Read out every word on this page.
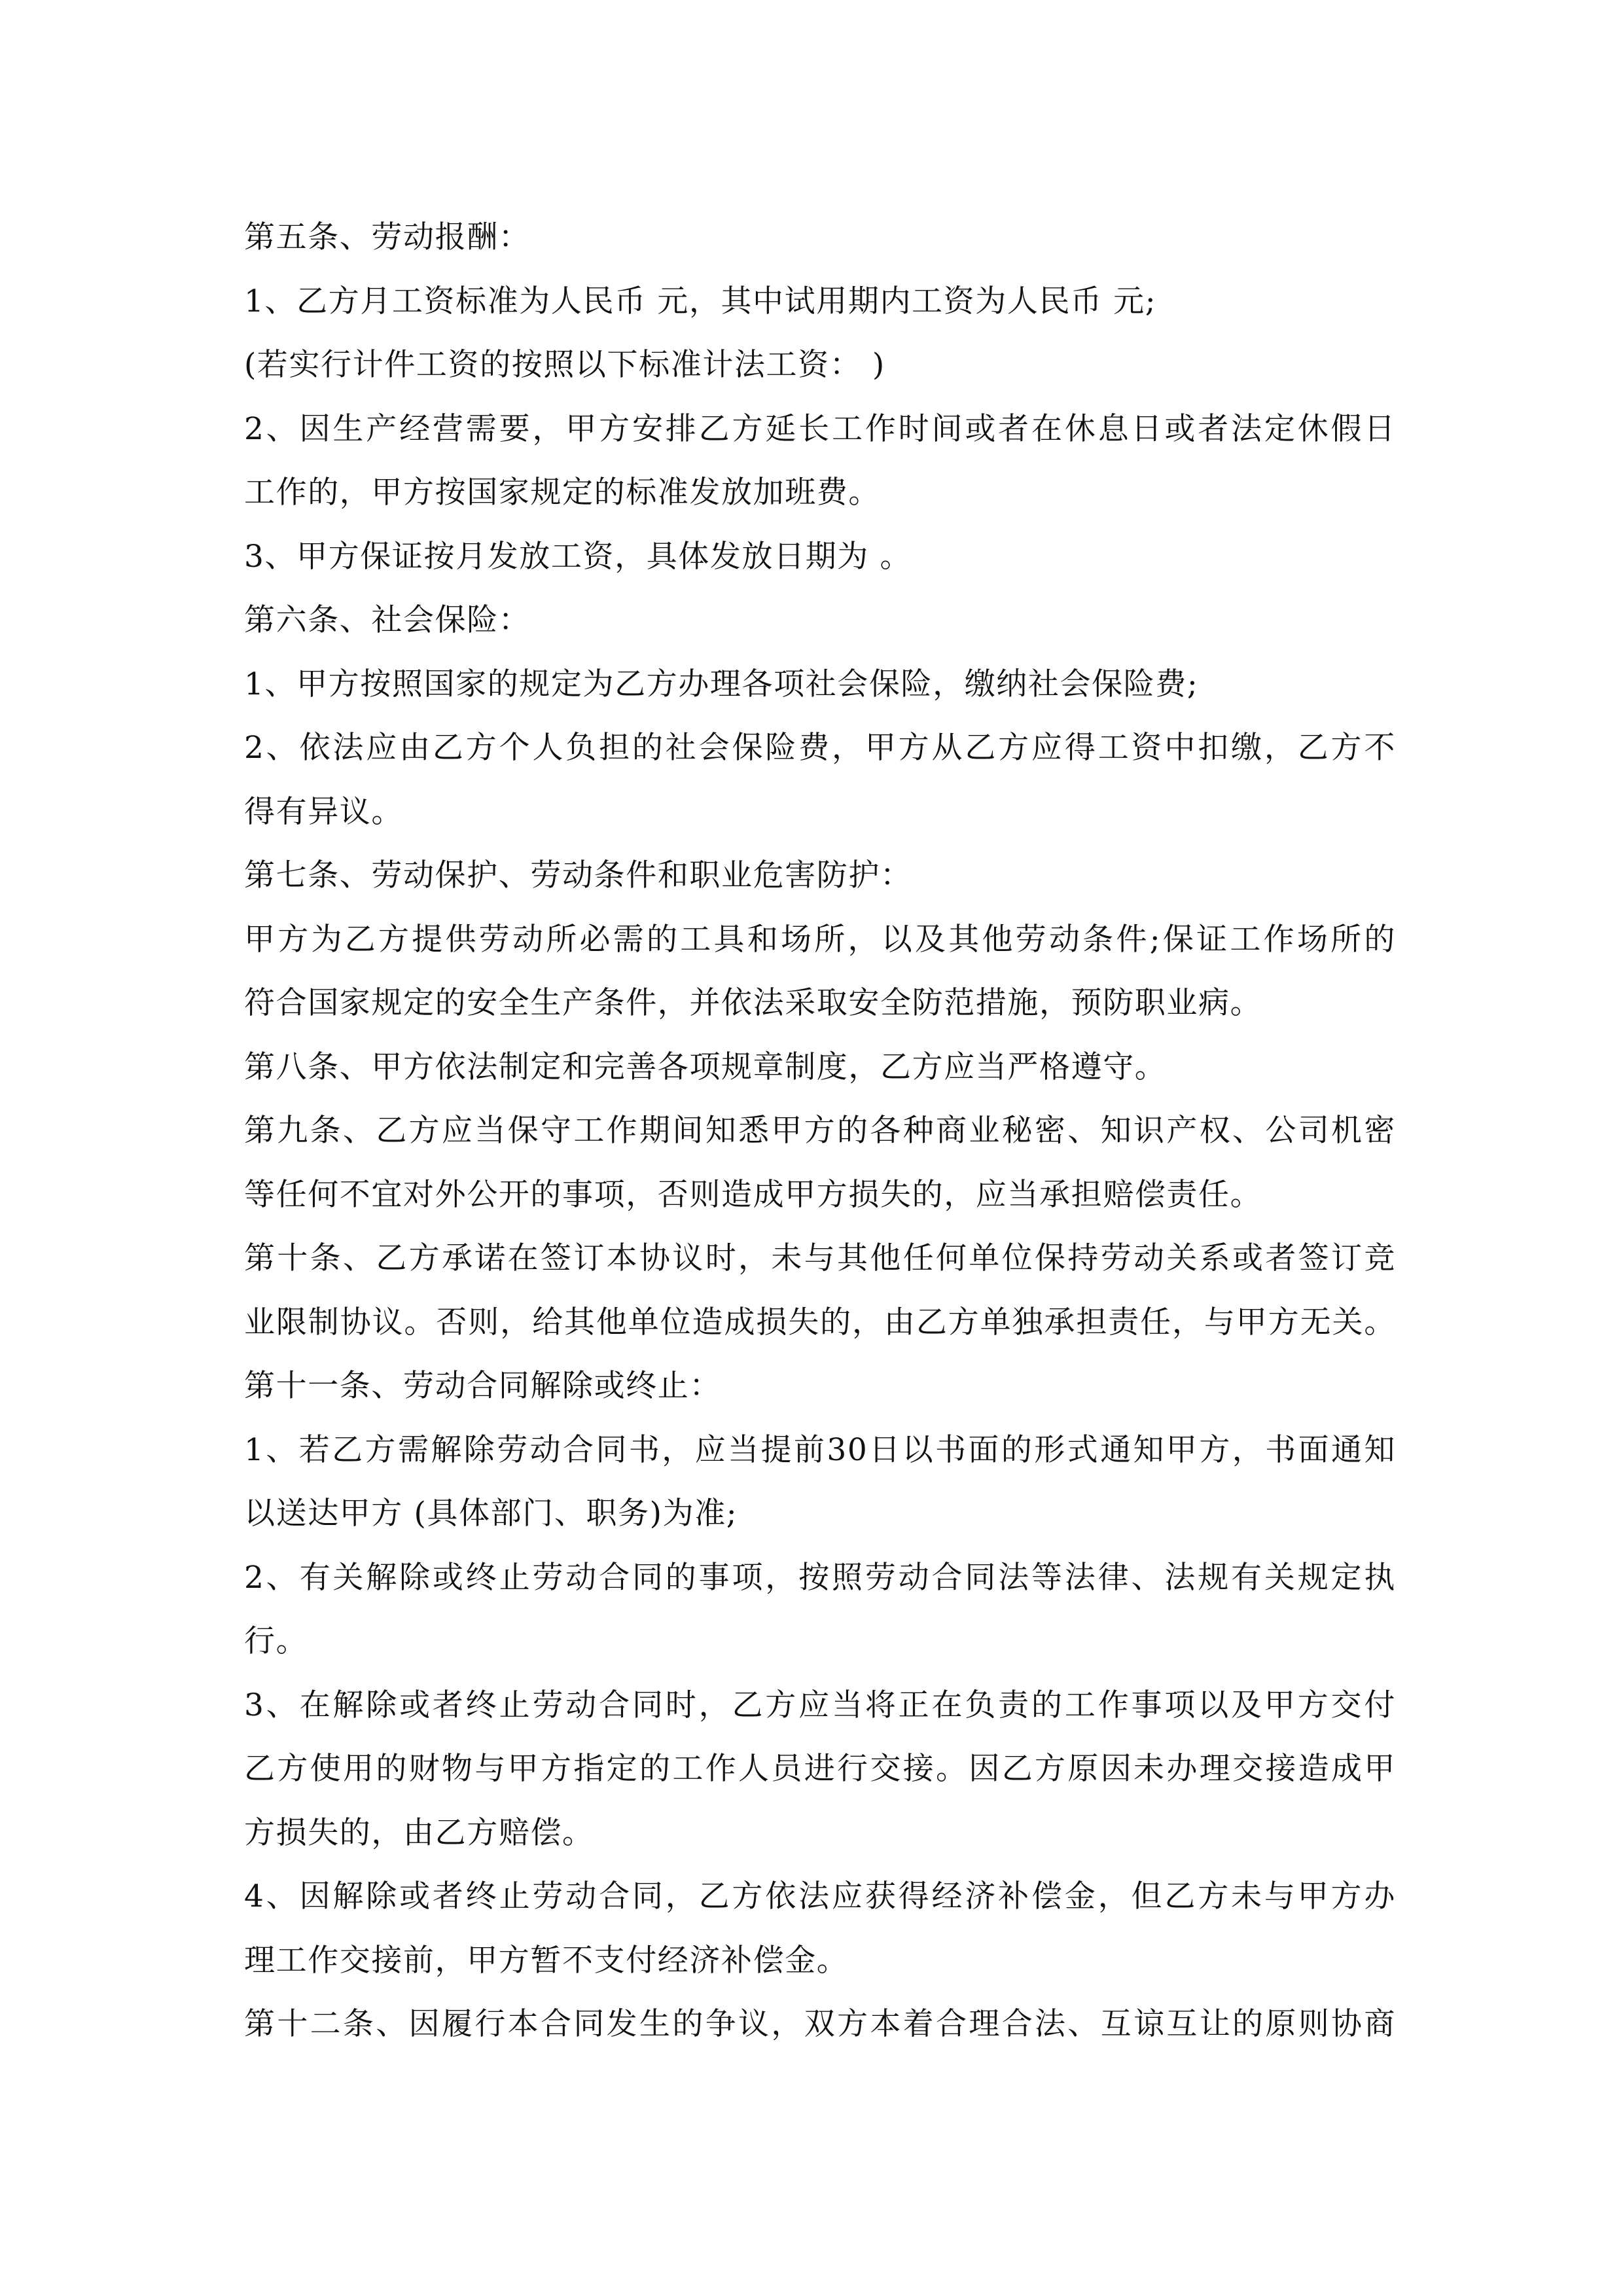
第五条、劳动报酬：
1、乙方月工资标准为人民币 元，其中试用期内工资为人民币 元;
(若实行计件工资的按照以下标准计法工资： )
2、因生产经营需要，甲方安排乙方延长工作时间或者在休息日或者法定休假日
工作的，甲方按国家规定的标准发放加班费。
3、甲方保证按月发放工资，具体发放日期为 。
第六条、社会保险：
1、甲方按照国家的规定为乙方办理各项社会保险，缴纳社会保险费;
2、依法应由乙方个人负担的社会保险费，甲方从乙方应得工资中扣缴，乙方不
得有异议。
第七条、劳动保护、劳动条件和职业危害防护：
甲方为乙方提供劳动所必需的工具和场所，以及其他劳动条件;保证工作场所的
符合国家规定的安全生产条件，并依法采取安全防范措施，预防职业病。
第八条、甲方依法制定和完善各项规章制度，乙方应当严格遵守。
第九条、乙方应当保守工作期间知悉甲方的各种商业秘密、知识产权、公司机密
等任何不宜对外公开的事项，否则造成甲方损失的，应当承担赔偿责任。
第十条、乙方承诺在签订本协议时，未与其他任何单位保持劳动关系或者签订竞
业限制协议。否则，给其他单位造成损失的，由乙方单独承担责任，与甲方无关。
第十一条、劳动合同解除或终止：
1、若乙方需解除劳动合同书，应当提前30日以书面的形式通知甲方，书面通知
以送达甲方 (具体部门、职务)为准;
2、有关解除或终止劳动合同的事项，按照劳动合同法等法律、法规有关规定执
行。
3、在解除或者终止劳动合同时，乙方应当将正在负责的工作事项以及甲方交付
乙方使用的财物与甲方指定的工作人员进行交接。因乙方原因未办理交接造成甲
方损失的，由乙方赔偿。
4、因解除或者终止劳动合同，乙方依法应获得经济补偿金，但乙方未与甲方办
理工作交接前，甲方暂不支付经济补偿金。
第十二条、因履行本合同发生的争议，双方本着合理合法、互谅互让的原则协商
